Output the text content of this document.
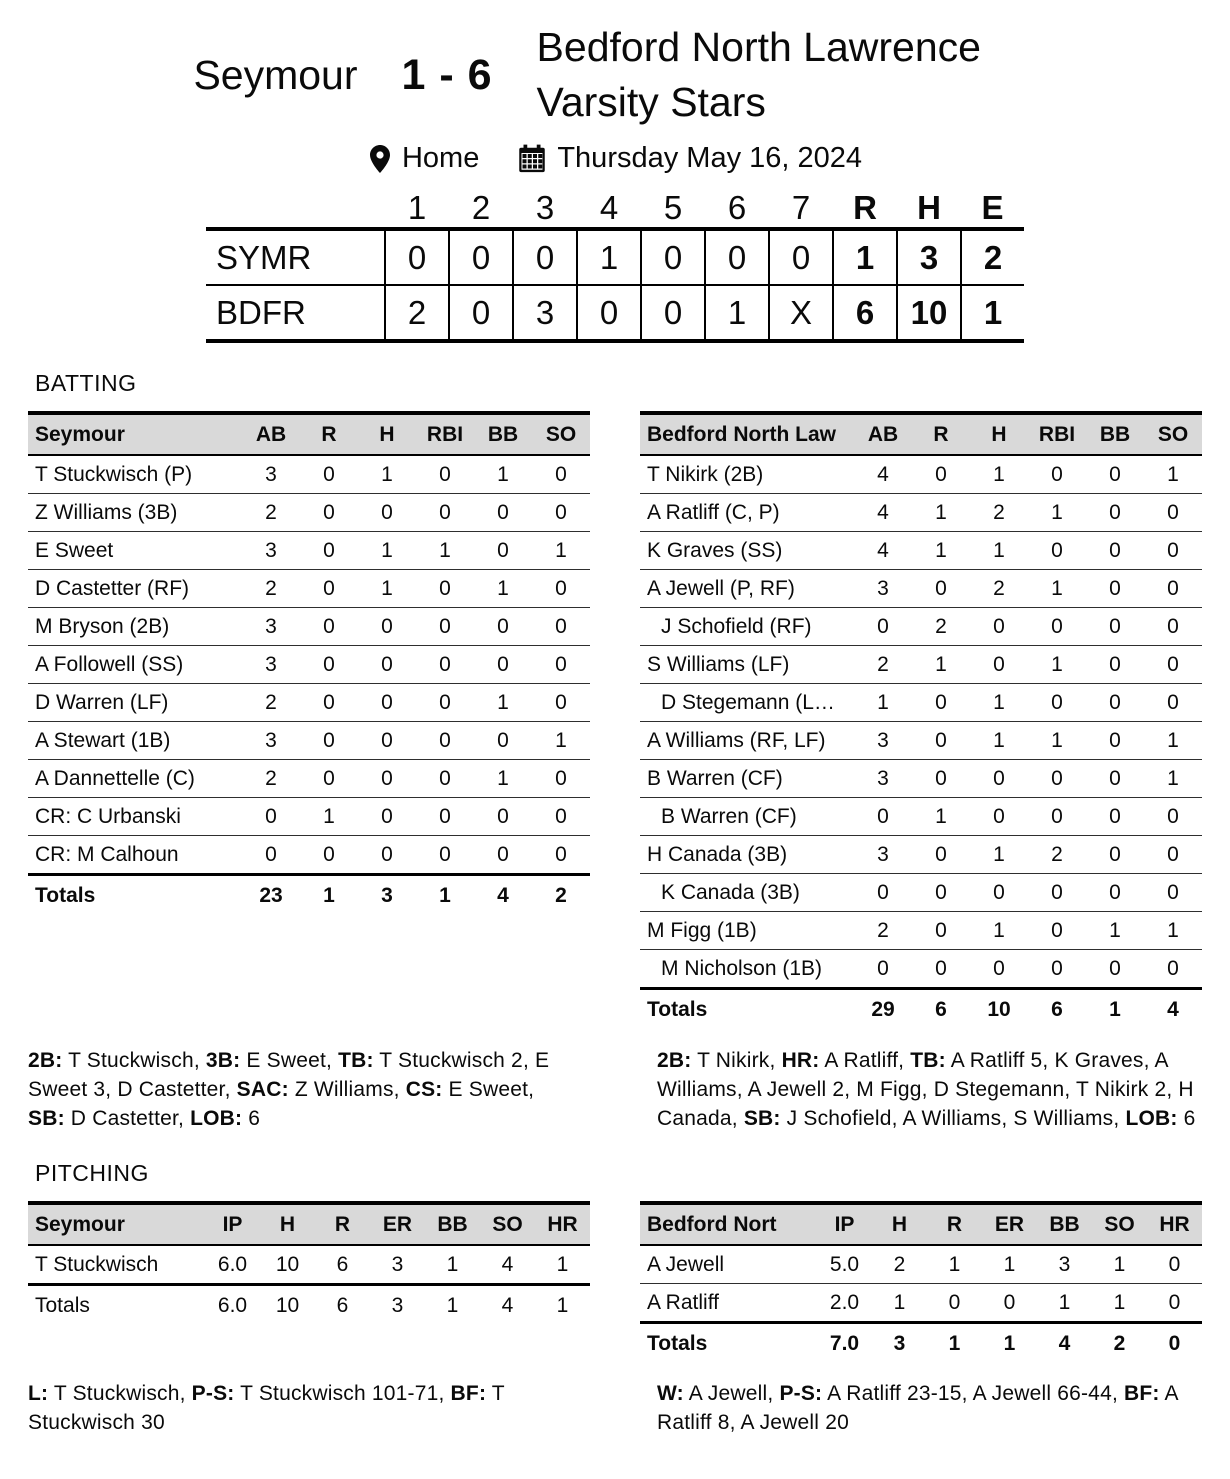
Seymour 1 - 6
Bedford North Lawrence Varsity Stars
Home	Thursday May 16, 2024
	1	2	3	4	5	6	7	R	H	E
SYMR	0	0	0	1	0	0	0	1	3	2
BDFR	2	0	3	0	0	1	X	6	10	1
BATTING
Seymour	AB	R	H	RBI	BB	SO
T Stuckwisch (P)	3	0	1	0	1	0
Z Williams (3B)	2	0	0	0	0	0
E Sweet	3	0	1	1	0	1
D Castetter (RF)	2	0	1	0	1	0
M Bryson (2B)	3	0	0	0	0	0
A Followell (SS)	3	0	0	0	0	0
D Warren (LF)	2	0	0	0	1	0
A Stewart (1B)	3	0	0	0	0	1
A Dannettelle (C)	2	0	0	0	1	0
CR: C Urbanski	0	1	0	0	0	0
CR: M Calhoun	0	0	0	0	0	0
Totals	23	1	3	1	4	2
Bedford North Law	AB	R	H	RBI	BB	SO
T Nikirk (2B)	4	0	1	0	0	1
A Ratliff (C, P)	4	1	2	1	0	0
K Graves (SS)	4	1	1	0	0	0
A Jewell (P, RF)	3	0	2	1	0	0
J Schofield (RF)	0	2	0	0	0	0
S Williams (LF)	2	1	0	1	0	0
D Stegemann (L…	1	0	1	0	0	0
A Williams (RF, LF)	3	0	1	1	0	1
B Warren (CF)	3	0	0	0	0	1
B Warren (CF)	0	1	0	0	0	0
H Canada (3B)	3	0	1	2	0	0
K Canada (3B)	0	0	0	0	0	0
M Figg (1B)	2	0	1	0	1	1
M Nicholson (1B)	0	0	0	0	0	0
Totals	29	6	10	6	1	4

2B: T Stuckwisch, 3B: E Sweet, TB: T Stuckwisch 2, E Sweet 3, D Castetter, SAC: Z Williams, CS: E Sweet, SB: D Castetter, LOB: 6

2B: T Nikirk, HR: A Ratliff, TB: A Ratliff 5, K Graves, A Williams, A Jewell 2, M Figg, D Stegemann, T Nikirk 2, H Canada, SB: J Schofield, A Williams, S Williams, LOB: 6

PITCHING
Seymour	IP	H	R	ER	BB	SO	HR
T Stuckwisch	6.0	10	6	3	1	4	1
Totals	6.0	10	6	3	1	4	1
Bedford Nort	IP	H	R	ER	BB	SO	HR
A Jewell	5.0	2	1	1	3	1	0
A Ratliff	2.0	1	0	0	1	1	0
Totals	7.0	3	1	1	4	2	0

L: T Stuckwisch, P-S: T Stuckwisch 101-71, BF: T Stuckwisch 30

W: A Jewell, P-S: A Ratliff 23-15, A Jewell 66-44, BF: A Ratliff 8, A Jewell 20
